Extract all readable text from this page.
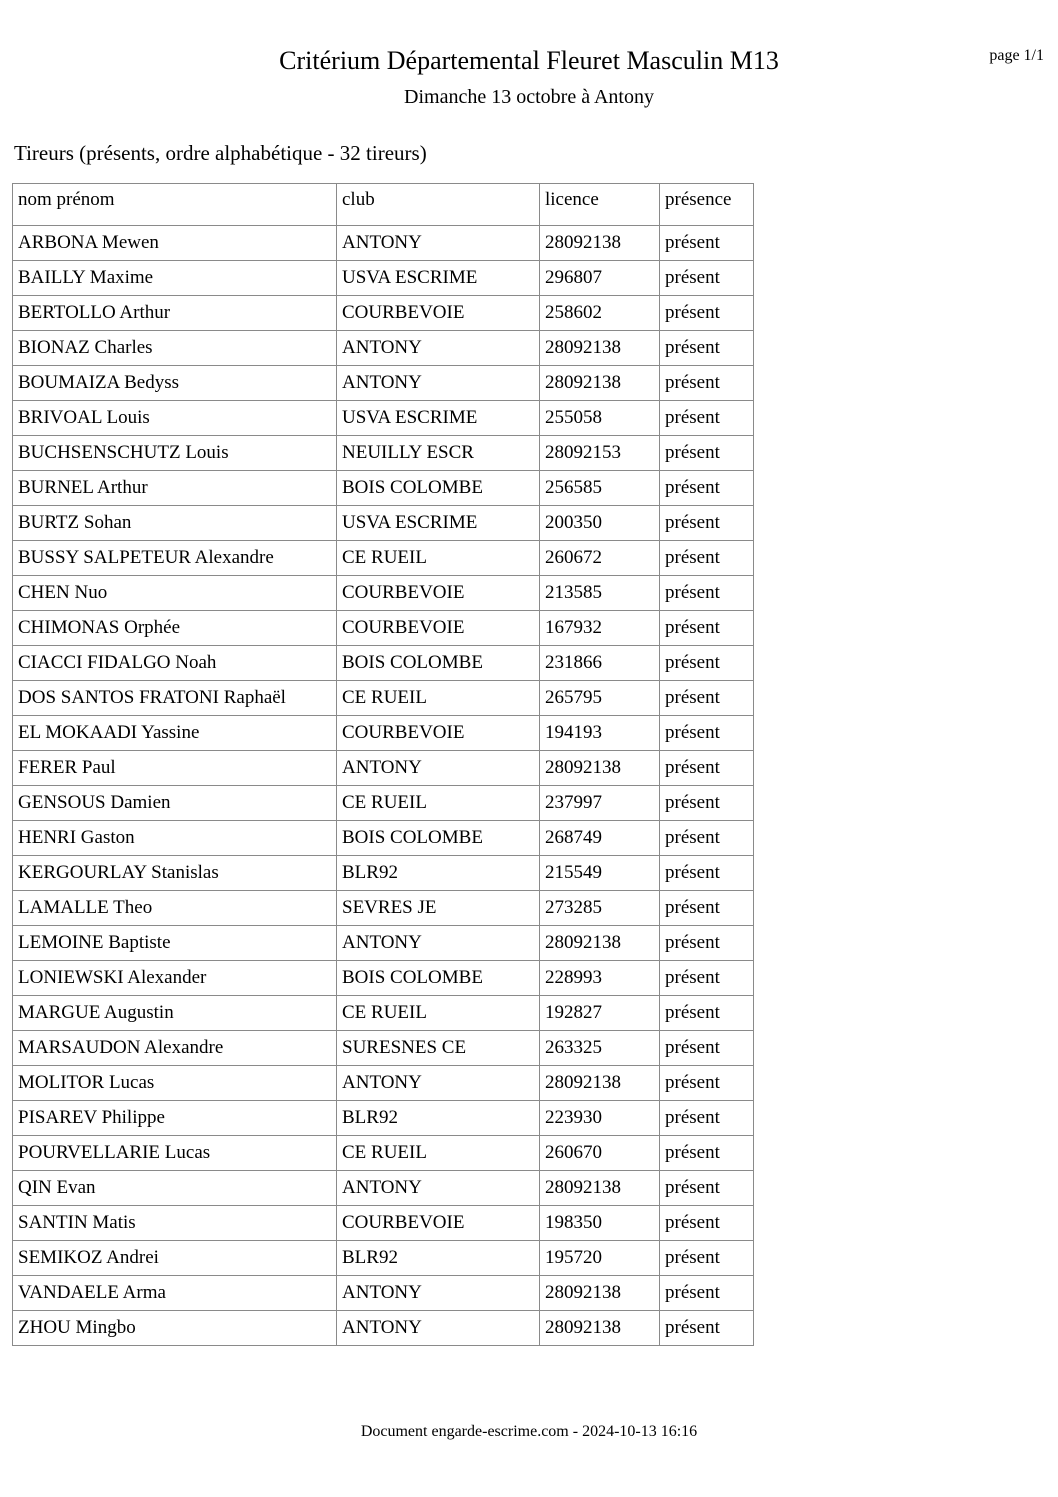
Critérium Départemental Fleuret Masculin M13
Dimanche 13 octobre à Antony
page 1/1
Tireurs (présents, ordre alphabétique - 32 tireurs)
nom prénom	club	licence	présence
ARBONA Mewen	ANTONY	28092138	présent
BAILLY Maxime	USVA ESCRIME	296807	présent
BERTOLLO Arthur	COURBEVOIE	258602	présent
BIONAZ Charles	ANTONY	28092138	présent
BOUMAIZA Bedyss	ANTONY	28092138	présent
BRIVOAL Louis	USVA ESCRIME	255058	présent
BUCHSENSCHUTZ Louis	NEUILLY ESCR	28092153	présent
BURNEL Arthur	BOIS COLOMBE	256585	présent
BURTZ Sohan	USVA ESCRIME	200350	présent
BUSSY SALPETEUR Alexandre	CE RUEIL	260672	présent
CHEN Nuo	COURBEVOIE	213585	présent
CHIMONAS Orphée	COURBEVOIE	167932	présent
CIACCI FIDALGO Noah	BOIS COLOMBE	231866	présent
DOS SANTOS FRATONI Raphaël	CE RUEIL	265795	présent
EL MOKAADI Yassine	COURBEVOIE	194193	présent
FERER Paul	ANTONY	28092138	présent
GENSOUS Damien	CE RUEIL	237997	présent
HENRI Gaston	BOIS COLOMBE	268749	présent
KERGOURLAY Stanislas	BLR92	215549	présent
LAMALLE Theo	SEVRES JE	273285	présent
LEMOINE Baptiste	ANTONY	28092138	présent
LONIEWSKI Alexander	BOIS COLOMBE	228993	présent
MARGUE Augustin	CE RUEIL	192827	présent
MARSAUDON Alexandre	SURESNES CE	263325	présent
MOLITOR Lucas	ANTONY	28092138	présent
PISAREV Philippe	BLR92	223930	présent
POURVELLARIE Lucas	CE RUEIL	260670	présent
QIN Evan	ANTONY	28092138	présent
SANTIN Matis	COURBEVOIE	198350	présent
SEMIKOZ Andrei	BLR92	195720	présent
VANDAELE Arma	ANTONY	28092138	présent
ZHOU Mingbo	ANTONY	28092138	présent
Document engarde-escrime.com - 2024-10-13 16:16
